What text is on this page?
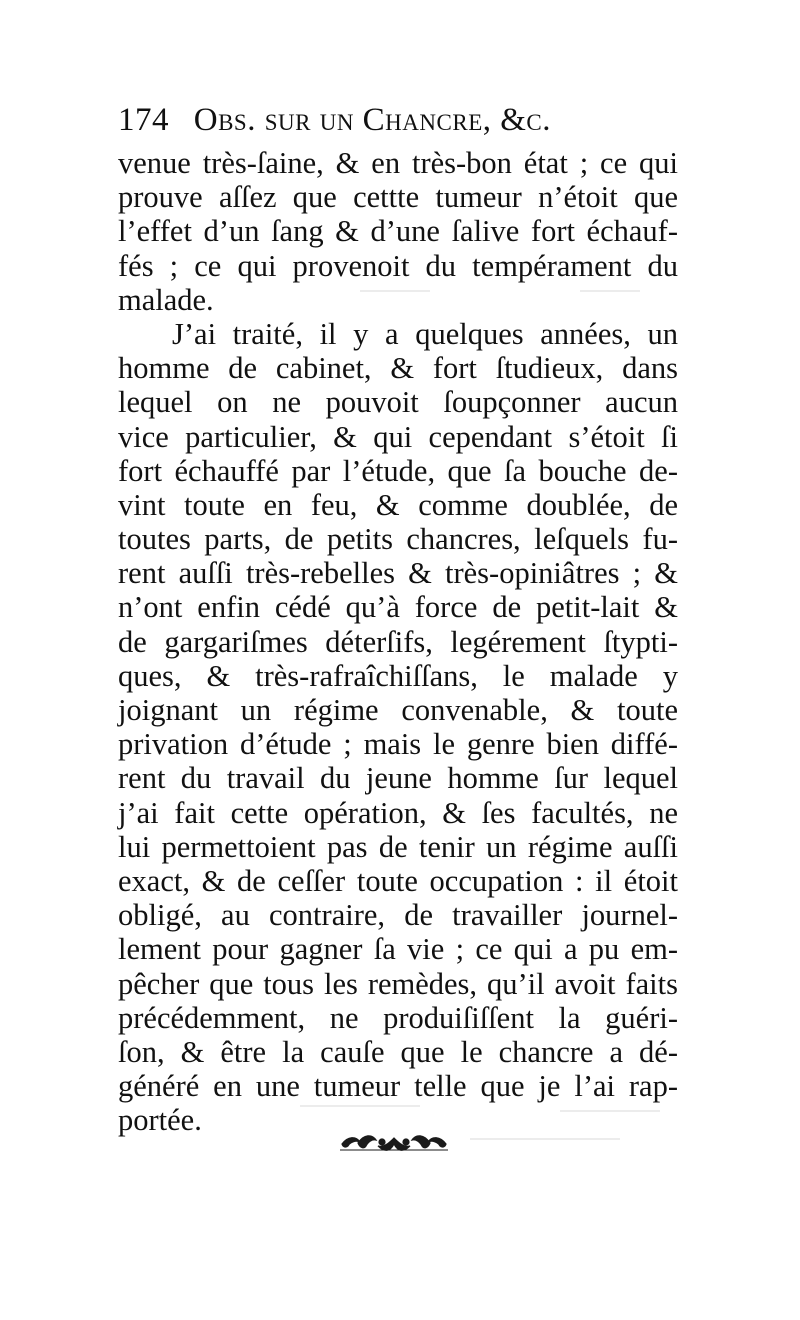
174 Obs. sur un Chancre, &c.
venue très-ſaine, & en très-bon état ; ce qui
prouve aſſez que cettte tumeur n’étoit que
l’effet d’un ſang & d’une ſalive fort échauf-
fés ; ce qui provenoit du tempérament du
malade.
J’ai traité, il y a quelques années, un
homme de cabinet, & fort ſtudieux, dans
lequel on ne pouvoit ſoupçonner aucun
vice particulier, & qui cependant s’étoit ſi
fort échauffé par l’étude, que ſa bouche de-
vint toute en feu, & comme doublée, de
toutes parts, de petits chancres, leſquels fu-
rent auſſi très-rebelles & très-opiniâtres ; &
n’ont enfin cédé qu’à force de petit-lait &
de gargariſmes déterſifs, legérement ſtypti-
ques, & très-rafraîchiſſans, le malade y
joignant un régime convenable, & toute
privation d’étude ; mais le genre bien diffé-
rent du travail du jeune homme ſur lequel
j’ai fait cette opération, & ſes facultés, ne
lui permettoient pas de tenir un régime auſſi
exact, & de ceſſer toute occupation : il étoit
obligé, au contraire, de travailler journel-
lement pour gagner ſa vie ; ce qui a pu em-
pêcher que tous les remèdes, qu’il avoit faits
précédemment, ne produiſiſſent la guéri-
ſon, & être la cauſe que le chancre a dé-
généré en une tumeur telle que je l’ai rap-
portée.
